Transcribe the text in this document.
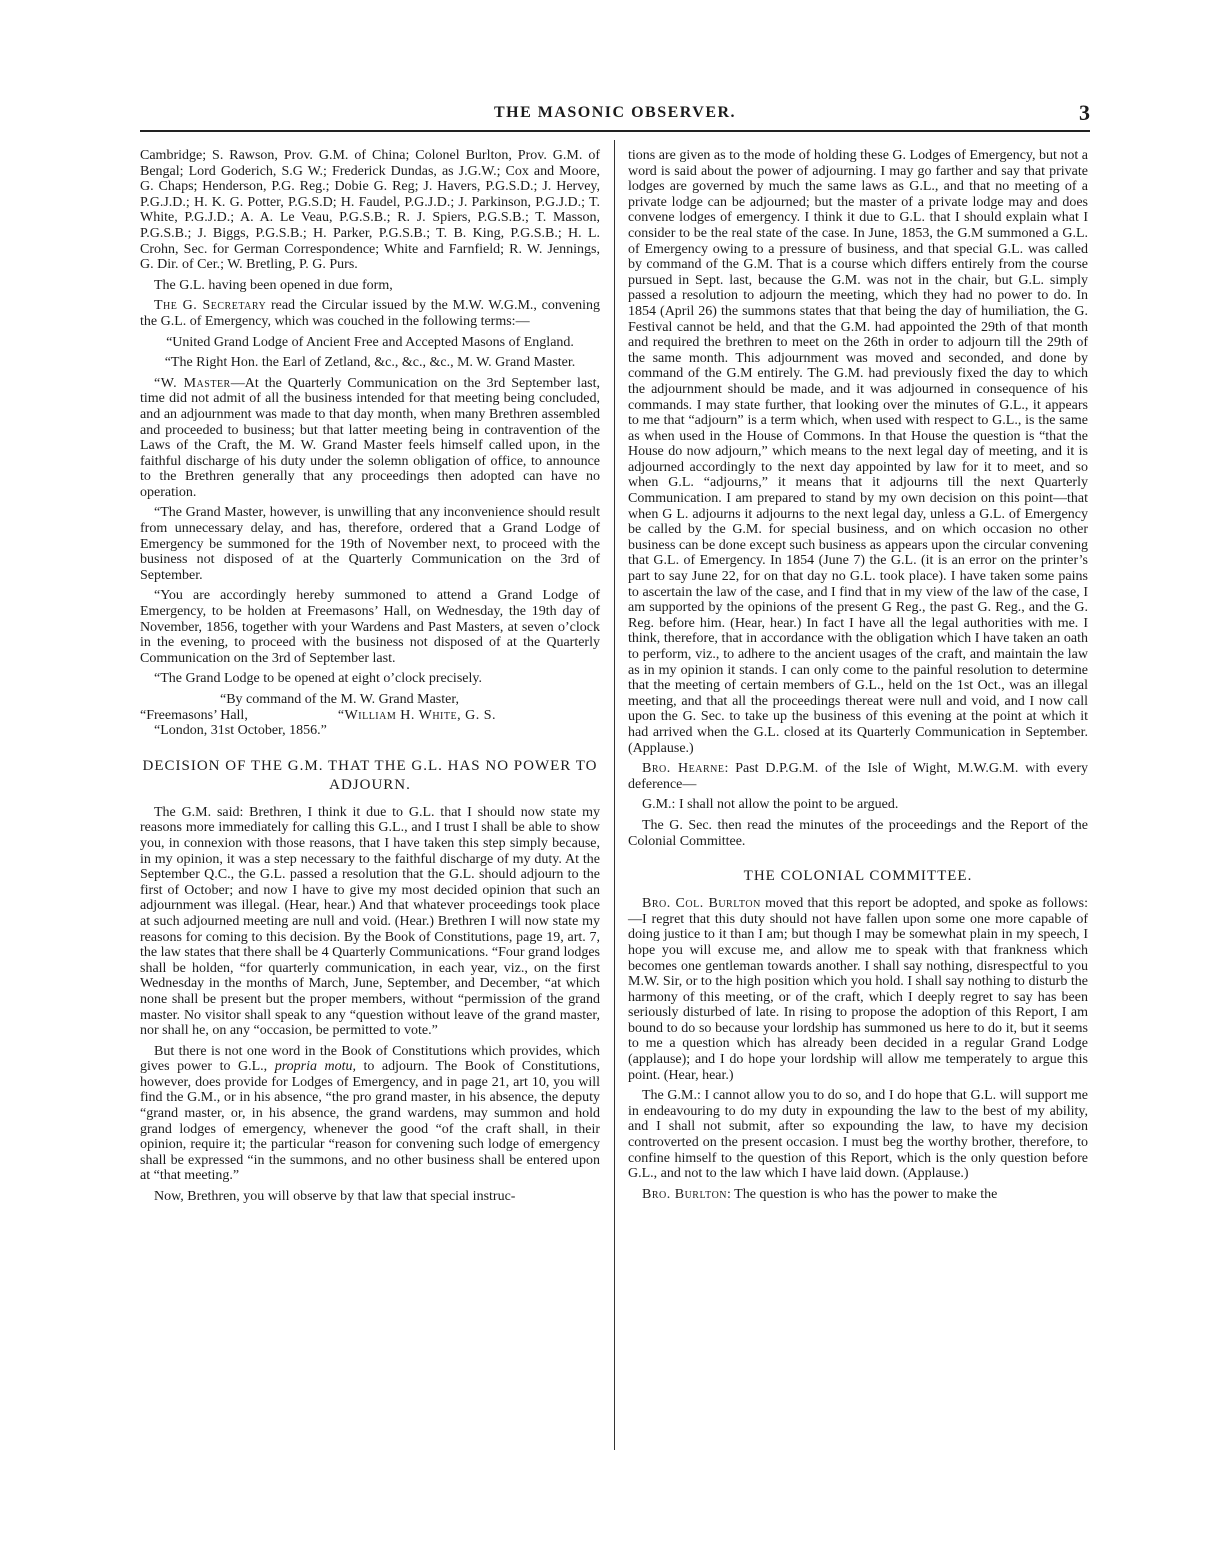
THE MASONIC OBSERVER.	3

Cambridge; S. Rawson, Prov. G.M. of China; Colonel Burlton, Prov. G.M. of Bengal; Lord Goderich, S.G W.; Frederick Dundas, as J.G.W.; Cox and Moore, G. Chaps; Henderson, P.G. Reg.; Dobie G. Reg; J. Havers, P.G.S.D.; J. Hervey, P.G.J.D.; H. K. G. Potter, P.G.S.D; H. Faudel, P.G.J.D.; J. Parkinson, P.G.J.D.; T. White, P.G.J.D.; A. A. Le Veau, P.G.S.B.; R. J. Spiers, P.G.S.B.; T. Masson, P.G.S.B.; J. Biggs, P.G.S.B.; H. Parker, P.G.S.B.; T. B. King, P.G.S.B.; H. L. Crohn, Sec. for German Correspondence; White and Farnfield; R. W. Jennings, G. Dir. of Cer.; W. Bretling, P. G. Purs.

The G.L. having been opened in due form,

The G. Secretary read the Circular issued by the M.W. W.G.M., convening the G.L. of Emergency, which was couched in the following terms:—

“United Grand Lodge of Ancient Free and Accepted Masons of England.

“The Right Hon. the Earl of Zetland, &c., &c., &c., M. W. Grand Master.

“W. Master—At the Quarterly Communication on the 3rd September last, time did not admit of all the business intended for that meeting being concluded, and an adjournment was made to that day month, when many Brethren assembled and proceeded to business; but that latter meeting being in contravention of the Laws of the Craft, the M. W. Grand Master feels himself called upon, in the faithful discharge of his duty under the solemn obligation of office, to announce to the Brethren generally that any proceedings then adopted can have no operation.

“The Grand Master, however, is unwilling that any inconvenience should result from unnecessary delay, and has, therefore, ordered that a Grand Lodge of Emergency be summoned for the 19th of November next, to proceed with the business not disposed of at the Quarterly Communication on the 3rd of September.

“You are accordingly hereby summoned to attend a Grand Lodge of Emergency, to be holden at Freemasons’ Hall, on Wednesday, the 19th day of November, 1856, together with your Wardens and Past Masters, at seven o’clock in the evening, to proceed with the business not disposed of at the Quarterly Communication on the 3rd of September last.

“The Grand Lodge to be opened at eight o’clock precisely.

“By command of the M. W. Grand Master,

“Freemasons’ Hall,	“William H. White, G. S.

“London, 31st October, 1856.”

DECISION OF THE G.M. THAT THE G.L. HAS NO POWER TO ADJOURN.

The G.M. said: Brethren, I think it due to G.L. that I should now state my reasons more immediately for calling this G.L., and I trust I shall be able to show you, in connexion with those reasons, that I have taken this step simply because, in my opinion, it was a step necessary to the faithful discharge of my duty. At the September Q.C., the G.L. passed a resolution that the G.L. should adjourn to the first of October; and now I have to give my most decided opinion that such an adjournment was illegal. (Hear, hear.) And that whatever proceedings took place at such adjourned meeting are null and void. (Hear.) Brethren I will now state my reasons for coming to this decision. By the Book of Constitutions, page 19, art. 7, the law states that there shall be 4 Quarterly Communications. “Four grand lodges shall be holden, “for quarterly communication, in each year, viz., on the first Wednesday in the months of March, June, September, and December, “at which none shall be present but the proper members, without “permission of the grand master. No visitor shall speak to any “question without leave of the grand master, nor shall he, on any “occasion, be permitted to vote.”

But there is not one word in the Book of Constitutions which provides, which gives power to G.L., propria motu, to adjourn. The Book of Constitutions, however, does provide for Lodges of Emergency, and in page 21, art 10, you will find the G.M., or in his absence, “the pro grand master, in his absence, the deputy “grand master, or, in his absence, the grand wardens, may summon and hold grand lodges of emergency, whenever the good “of the craft shall, in their opinion, require it; the particular “reason for convening such lodge of emergency shall be expressed “in the summons, and no other business shall be entered upon at “that meeting.”

Now, Brethren, you will observe by that law that special instruc-

tions are given as to the mode of holding these G. Lodges of Emergency, but not a word is said about the power of adjourning. I may go farther and say that private lodges are governed by much the same laws as G.L., and that no meeting of a private lodge can be adjourned; but the master of a private lodge may and does convene lodges of emergency. I think it due to G.L. that I should explain what I consider to be the real state of the case. In June, 1853, the G.M summoned a G.L. of Emergency owing to a pressure of business, and that special G.L. was called by command of the G.M. That is a course which differs entirely from the course pursued in Sept. last, because the G.M. was not in the chair, but G.L. simply passed a resolution to adjourn the meeting, which they had no power to do. In 1854 (April 26) the summons states that that being the day of humiliation, the G. Festival cannot be held, and that the G.M. had appointed the 29th of that month and required the brethren to meet on the 26th in order to adjourn till the 29th of the same month. This adjournment was moved and seconded, and done by command of the G.M entirely. The G.M. had previously fixed the day to which the adjournment should be made, and it was adjourned in consequence of his commands. I may state further, that looking over the minutes of G.L., it appears to me that “adjourn” is a term which, when used with respect to G.L., is the same as when used in the House of Commons. In that House the question is “that the House do now adjourn,” which means to the next legal day of meeting, and it is adjourned accordingly to the next day appointed by law for it to meet, and so when G.L. “adjourns,” it means that it adjourns till the next Quarterly Communication. I am prepared to stand by my own decision on this point—that when G L. adjourns it adjourns to the next legal day, unless a G.L. of Emergency be called by the G.M. for special business, and on which occasion no other business can be done except such business as appears upon the circular convening that G.L. of Emergency. In 1854 (June 7) the G.L. (it is an error on the printer’s part to say June 22, for on that day no G.L. took place). I have taken some pains to ascertain the law of the case, and I find that in my view of the law of the case, I am supported by the opinions of the present G Reg., the past G. Reg., and the G. Reg. before him. (Hear, hear.) In fact I have all the legal authorities with me. I think, therefore, that in accordance with the obligation which I have taken an oath to perform, viz., to adhere to the ancient usages of the craft, and maintain the law as in my opinion it stands. I can only come to the painful resolution to determine that the meeting of certain members of G.L., held on the 1st Oct., was an illegal meeting, and that all the proceedings thereat were null and void, and I now call upon the G. Sec. to take up the business of this evening at the point at which it had arrived when the G.L. closed at its Quarterly Communication in September. (Applause.)

Bro. Hearne: Past D.P.G.M. of the Isle of Wight, M.W.G.M. with every deference—

G.M.: I shall not allow the point to be argued.

The G. Sec. then read the minutes of the proceedings and the Report of the Colonial Committee.

THE COLONIAL COMMITTEE.

Bro. Col. Burlton moved that this report be adopted, and spoke as follows:—I regret that this duty should not have fallen upon some one more capable of doing justice to it than I am; but though I may be somewhat plain in my speech, I hope you will excuse me, and allow me to speak with that frankness which becomes one gentleman towards another. I shall say nothing, disrespectful to you M.W. Sir, or to the high position which you hold. I shall say nothing to disturb the harmony of this meeting, or of the craft, which I deeply regret to say has been seriously disturbed of late. In rising to propose the adoption of this Report, I am bound to do so because your lordship has summoned us here to do it, but it seems to me a question which has already been decided in a regular Grand Lodge (applause); and I do hope your lordship will allow me temperately to argue this point. (Hear, hear.)

The G.M.: I cannot allow you to do so, and I do hope that G.L. will support me in endeavouring to do my duty in expounding the law to the best of my ability, and I shall not submit, after so expounding the law, to have my decision controverted on the present occasion. I must beg the worthy brother, therefore, to confine himself to the question of this Report, which is the only question before G.L., and not to the law which I have laid down. (Applause.)

Bro. Burlton: The question is who has the power to make the
